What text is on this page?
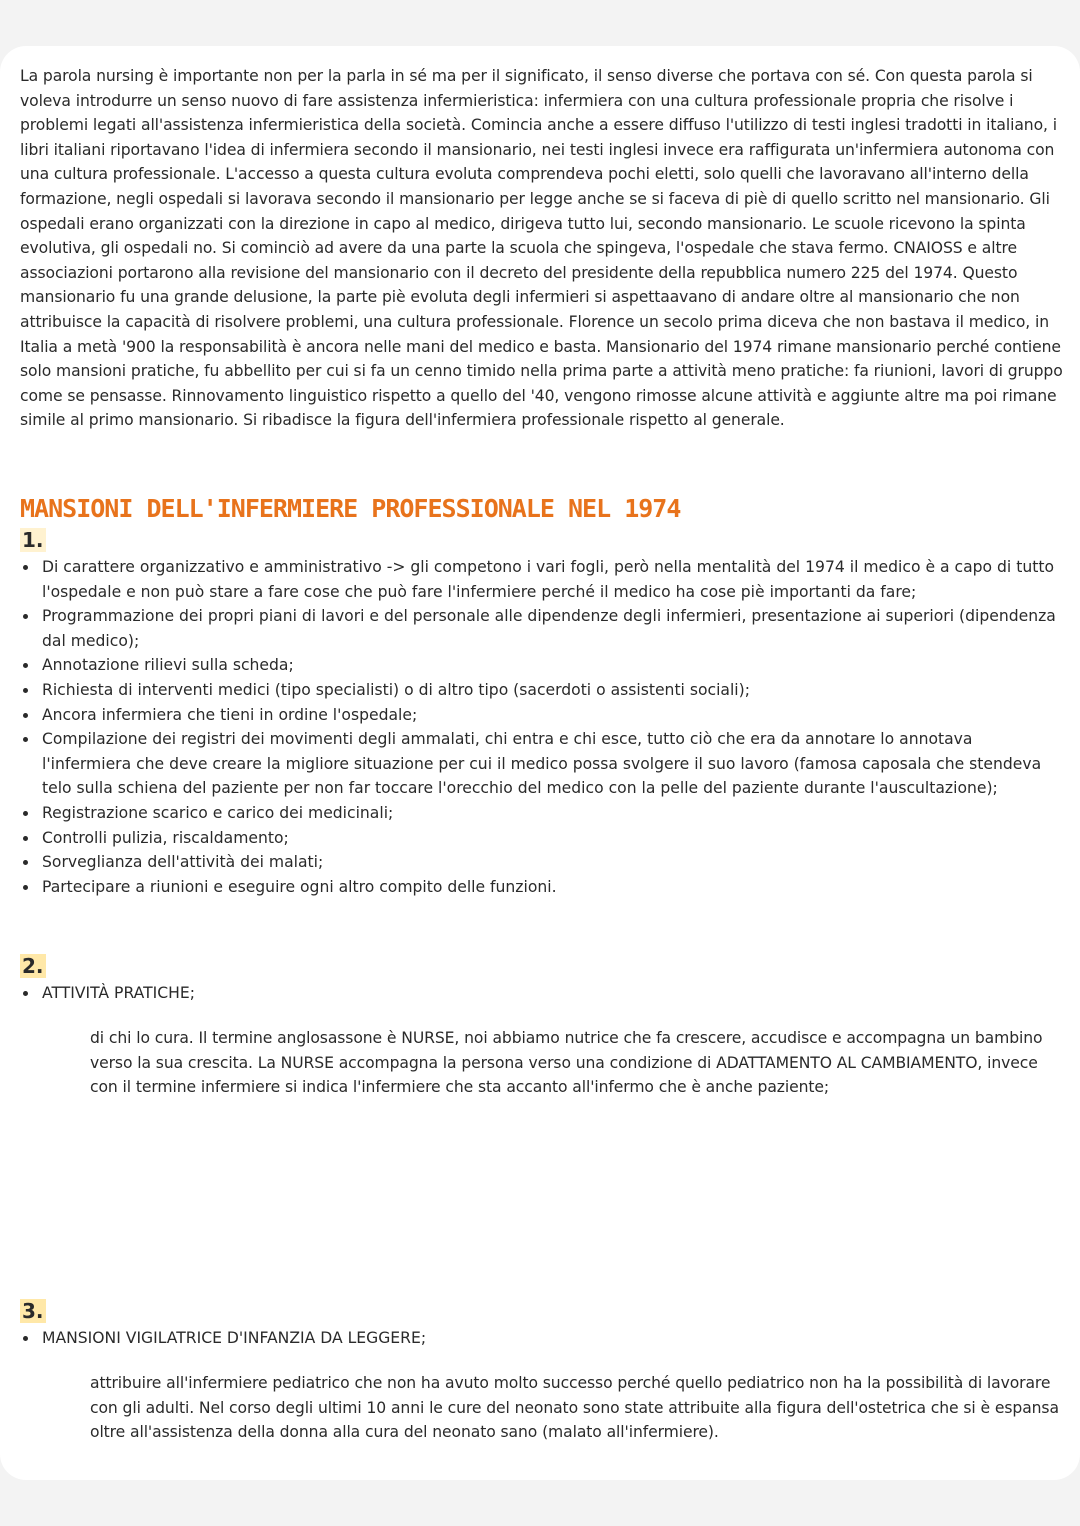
La parola nursing è importante non per la parla in sé ma per il significato, il senso diverse che portava con sé. Con questa parola si voleva introdurre un senso nuovo di fare assistenza infermieristica: infermiera con una cultura professionale propria che risolve i problemi legati all'assistenza infermieristica della società. Comincia anche a essere diffuso l'utilizzo di testi inglesi tradotti in italiano, i libri italiani riportavano l'idea di infermiera secondo il mansionario, nei testi inglesi invece era raffigurata un'infermiera autonoma con una cultura professionale. L'accesso a questa cultura evoluta comprendeva pochi eletti, solo quelli che lavoravano all'interno della formazione, negli ospedali si lavorava secondo il mansionario per legge anche se si faceva di piè di quello scritto nel mansionario. Gli ospedali erano organizzati con la direzione in capo al medico, dirigeva tutto lui, secondo mansionario. Le scuole ricevono la spinta evolutiva, gli ospedali no. Si cominciò ad avere da una parte la scuola che spingeva, l'ospedale che stava fermo. CNAIOSS e altre associazioni portarono alla revisione del mansionario con il decreto del presidente della repubblica numero 225 del 1974. Questo mansionario fu una grande delusione, la parte piè evoluta degli infermieri si aspettaavano di andare oltre al mansionario che non attribuisce la capacità di risolvere problemi, una cultura professionale. Florence un secolo prima diceva che non bastava il medico, in Italia a metà '900 la responsabilità è ancora nelle mani del medico e basta. Mansionario del 1974 rimane mansionario perché contiene solo mansioni pratiche, fu abbellito per cui si fa un cenno timido nella prima parte a attività meno pratiche: fa riunioni, lavori di gruppo come se pensasse. Rinnovamento linguistico rispetto a quello del '40, vengono rimosse alcune attività e aggiunte altre ma poi rimane simile al primo mansionario. Si ribadisce la figura dell'infermiera professionale rispetto al generale.

MANSIONI DELL'INFERMIERE PROFESSIONALE NEL 1974
1.
Di carattere organizzativo e amministrativo -> gli competono i vari fogli, però nella mentalità del 1974 il medico è a capo di tutto l'ospedale e non può stare a fare cose che può fare l'infermiere perché il medico ha cose piè importanti da fare;
Programmazione dei propri piani di lavori e del personale alle dipendenze degli infermieri, presentazione ai superiori (dipendenza dal medico);
Annotazione rilievi sulla scheda;
Richiesta di interventi medici (tipo specialisti) o di altro tipo (sacerdoti o assistenti sociali);
Ancora infermiera che tieni in ordine l'ospedale;
Compilazione dei registri dei movimenti degli ammalati, chi entra e chi esce, tutto ciò che era da annotare lo annotava l'infermiera che deve creare la migliore situazione per cui il medico possa svolgere il suo lavoro (famosa caposala che stendeva telo sulla schiena del paziente per non far toccare l'orecchio del medico con la pelle del paziente durante l'auscultazione);
Registrazione scarico e carico dei medicinali;
Controlli pulizia, riscaldamento;
Sorveglianza dell'attività dei malati;
Partecipare a riunioni e eseguire ogni altro compito delle funzioni.
2.
ATTIVITÀ PRATICHE;

di chi lo cura. Il termine anglosassone è NURSE, noi abbiamo nutrice che fa crescere, accudisce e accompagna un bambino verso la sua crescita. La NURSE accompagna la persona verso una condizione di ADATTAMENTO AL CAMBIAMENTO, invece con il termine infermiere si indica l'infermiere che sta accanto all'infermo che è anche paziente;

3.
MANSIONI VIGILATRICE D'INFANZIA DA LEGGERE;

attribuire all'infermiere pediatrico che non ha avuto molto successo perché quello pediatrico non ha la possibilità di lavorare con gli adulti. Nel corso degli ultimi 10 anni le cure del neonato sono state attribuite alla figura dell'ostetrica che si è espansa oltre all'assistenza della donna alla cura del neonato sano (malato all'infermiere).
